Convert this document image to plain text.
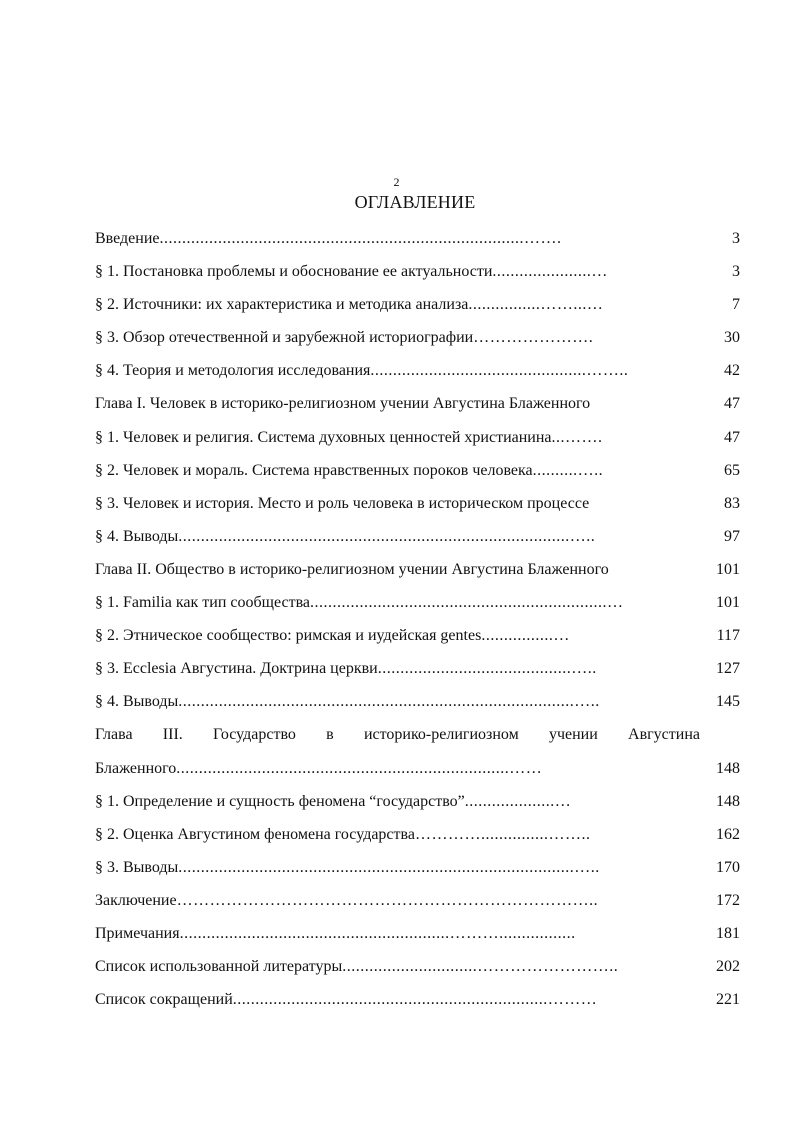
2
ОГЛАВЛЕНИЕ
Введение.................................................................................…….	3
§ 1. Постановка проблемы и обоснование ее актуальности......................…	3
§ 2. Источники: их характеристика и методика анализа................……...…	7
§ 3. Обзор отечественной и зарубежной историографии………………….	30
§ 4. Теория и методология исследования................................................……..	42
Глава I. Человек в историко-религиозном учении Августина Блаженного	47
§ 1. Человек и религия. Система духовных ценностей христианина...…….	47
§ 2. Человек и мораль. Система нравственных пороков человека..........…..	65
§ 3. Человек и история. Место и роль человека в историческом процессе	83
§ 4. Выводы.......................................................................................…..	97
Глава II. Общество в историко-религиозном учении Августина Блаженного	101
§ 1. Familia как тип сообщества..................................................................…	101
§ 2. Этническое сообщество: римская и иудейская gentes................…	117
§ 3. Ecclesia Августина. Доктрина церкви...........................................…..	127
§ 4. Выводы........................................................................................…..	145
Глава III. Государство в историко-религиозном учении Августина
Блаженного..........................................................................……	148
§ 1. Определение и сущность феномена “государство”....................…	148
§ 2. Оценка Августином феномена государства…………...............……..	162
§ 3. Выводы........................................................................................…..	170
Заключение…………………………………………………………………..	172
Примечания............................................................……….................	181
Список использованной литературы..............................……………………..	202
Список сокращений......................................................................………	221
